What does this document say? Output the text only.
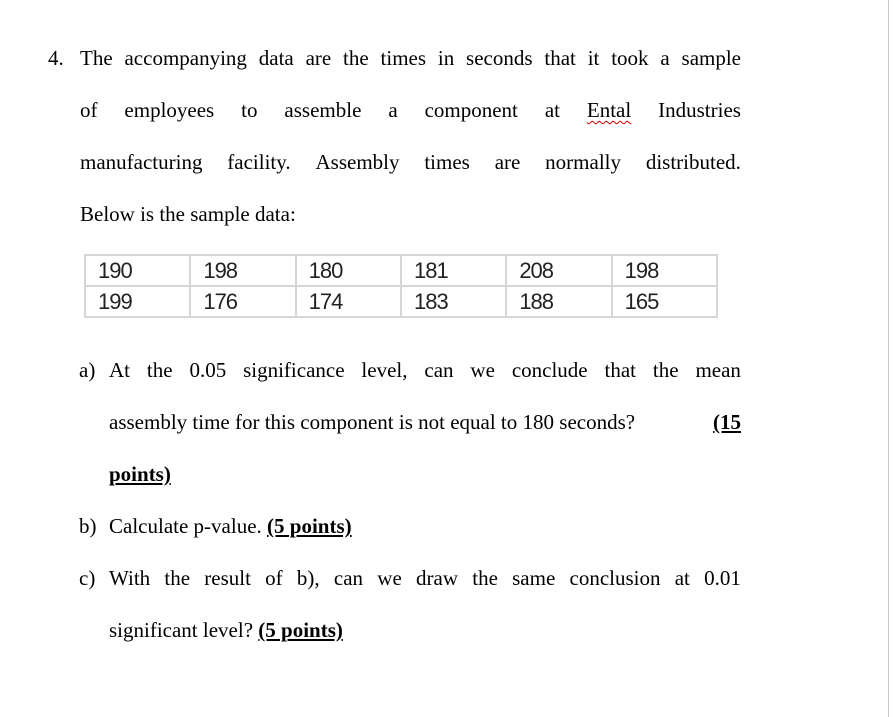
4. The accompanying data are the times in seconds that it took a sample
of employees to assemble a component at Ental Industries
manufacturing facility. Assembly times are normally distributed.
Below is the sample data:
190	198	180	181	208	198
199	176	174	183	188	165
a) At the 0.05 significance level, can we conclude that the mean
assembly time for this component is not equal to 180 seconds?	(15
points)
b) Calculate p-value. (5 points)
c) With the result of b), can we draw the same conclusion at 0.01
significant level? (5 points)
